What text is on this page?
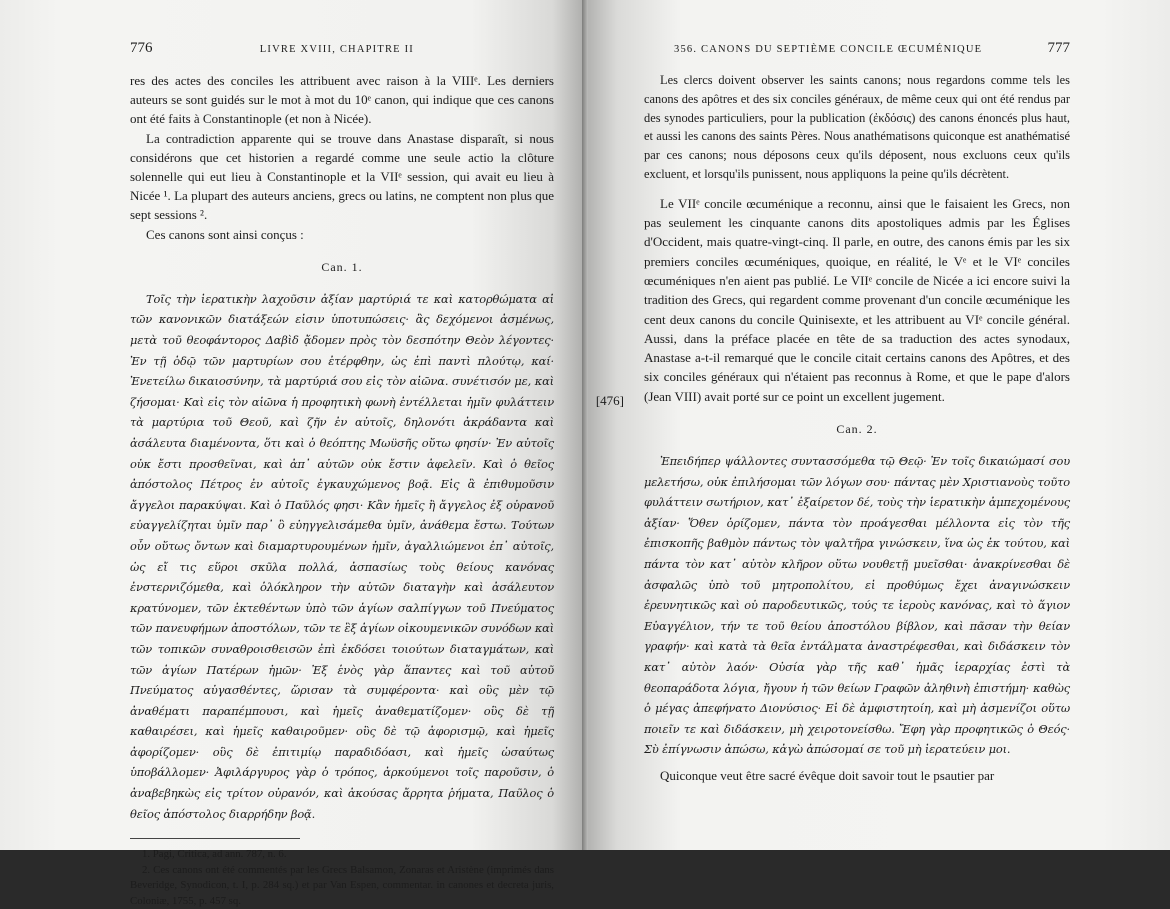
776	LIVRE XVIII, CHAPITRE II

res des actes des conciles les attribuent avec raison à la VIIIᵉ. Les derniers auteurs se sont guidés sur le mot à mot du 10ᵉ canon, qui indique que ces canons ont été faits à Constantinople (et non à Nicée).

La contradiction apparente qui se trouve dans Anastase disparaît, si nous considérons que cet historien a regardé comme une seule actio la clôture solennelle qui eut lieu à Constantinople et la VIIᵉ session, qui avait eu lieu à Nicée ¹. La plupart des auteurs anciens, grecs ou latins, ne comptent non plus que sept sessions ².

Ces canons sont ainsi conçus :

Can. 1.

Τοῖς τὴν ἱερατικὴν λαχοῦσιν ἀξίαν μαρτύριά τε καὶ κατορθώματα αἱ τῶν κανονικῶν διατάξεών εἰσιν ὑποτυπώσεις· ἃς δεχόμενοι ἀσμένως, μετὰ τοῦ θεοφάντορος Δαβὶδ ᾄδομεν πρὸς τὸν δεσπότην Θεὸν λέγοντες· Ἐν τῇ ὁδῷ τῶν μαρτυρίων σου ἐτέρφθην, ὡς ἐπὶ παντὶ πλούτῳ, καί· Ἐνετείλω δικαιοσύνην, τὰ μαρτύριά σου εἰς τὸν αἰῶνα. συνέτισόν με, καὶ ζήσομαι· Καὶ εἰς τὸν αἰῶνα ἡ προφητικὴ φωνὴ ἐντέλλεται ἡμῖν φυλάττειν τὰ μαρτύρια τοῦ Θεοῦ, καὶ ζῆν ἐν αὐτοῖς, δηλονότι ἀκράδαντα καὶ ἀσάλευτα διαμένοντα, ὅτι καὶ ὁ θεόπτης Μωϋσῆς οὕτω φησίν· Ἐν αὐτοῖς οὐκ ἔστι προσθεῖναι, καὶ ἀπ᾿ αὐτῶν οὐκ ἔστιν ἀφελεῖν. Καὶ ὁ θεῖος ἀπόστολος Πέτρος ἐν αὐτοῖς ἐγκαυχώμενος βοᾷ. Εἰς ἃ ἐπιθυμοῦσιν ἄγγελοι παρακύψαι. Καὶ ὁ Παῦλός φησι· Κἂν ἡμεῖς ἢ ἄγγελος ἐξ οὐρανοῦ εὐαγγελίζηται ὑμῖν παρ᾿ ὃ εὐηγγελισάμεθα ὑμῖν, ἀνάθεμα ἔστω. Τούτων οὖν οὕτως ὄντων καὶ διαμαρτυρουμένων ἡμῖν, ἀγαλλιώμενοι ἐπ᾿ αὐτοῖς, ὡς εἴ τις εὕροι σκῦλα πολλά, ἀσπασίως τοὺς θείους κανόνας ἐνστερνιζόμεθα, καὶ ὁλόκληρον τὴν αὐτῶν διαταγὴν καὶ ἀσάλευτον κρατύνομεν, τῶν ἐκτεθέντων ὑπὸ τῶν ἁγίων σαλπίγγων τοῦ Πνεύματος τῶν πανευφήμων ἀποστόλων, τῶν τε ἓξ ἁγίων οἰκουμενικῶν συνόδων καὶ τῶν τοπικῶν συναθροισθεισῶν ἐπὶ ἐκδόσει τοιούτων διαταγμάτων, καὶ τῶν ἁγίων Πατέρων ἡμῶν· Ἐξ ἑνὸς γὰρ ἅπαντες καὶ τοῦ αὐτοῦ Πνεύματος αὐγασθέντες, ὥρισαν τὰ συμφέροντα· καὶ οὓς μὲν τῷ ἀναθέματι παραπέμπουσι, καὶ ἡμεῖς ἀναθεματίζομεν· οὓς δὲ τῇ καθαιρέσει, καὶ ἡμεῖς καθαιροῦμεν· οὓς δὲ τῷ ἀφορισμῷ, καὶ ἡμεῖς ἀφορίζομεν· οὓς δὲ ἐπιτιμίῳ παραδιδόασι, καὶ ἡμεῖς ὡσαύτως ὑποβάλλομεν· Ἀφιλάργυρος γὰρ ὁ τρόπος, ἀρκούμενοι τοῖς παροῦσιν, ὁ ἀναβεβηκὼς εἰς τρίτον οὐρανόν, καὶ ἀκούσας ἄρρητα ῥήματα, Παῦλος ὁ θεῖος ἀπόστολος διαρρήδην βοᾷ.

1. Pagi, Critica, ad ann. 787, n. 6.

2. Ces canons ont été commentés par les Grecs Balsamon, Zonaras et Aristène (imprimés dans Beveridge, Synodicon, t. I, p. 284 sq.) et par Van Espen, commentar. in canones et decreta juris, Coloniæ, 1755, p. 457 sq.

356. CANONS DU SEPTIÈME CONCILE ŒCUMÉNIQUE	777

Les clercs doivent observer les saints canons; nous regardons comme tels les canons des apôtres et des six conciles généraux, de même ceux qui ont été rendus par des synodes particuliers, pour la publication (ἐκδόσις) des canons énoncés plus haut, et aussi les canons des saints Pères. Nous anathématisons quiconque est anathématisé par ces canons; nous déposons ceux qu'ils déposent, nous excluons ceux qu'ils excluent, et lorsqu'ils punissent, nous appliquons la peine qu'ils décrètent.

Le VIIᵉ concile œcuménique a reconnu, ainsi que le faisaient les Grecs, non pas seulement les cinquante canons dits apostoliques admis par les Églises d'Occident, mais quatre-vingt-cinq. Il parle, en outre, des canons émis par les six premiers conciles œcuméniques, quoique, en réalité, le Vᵉ et le VIᵉ conciles œcuméniques n'en aient pas publié. Le VIIᵉ concile de Nicée a ici encore suivi la tradition des Grecs, qui regardent comme provenant d'un concile œcuménique les cent deux canons du concile Quinisexte, et les attribuent au VIᵉ concile général. Aussi, dans la préface placée en tête de sa traduction des actes synodaux, Anastase a-t-il remarqué que le concile citait certains canons des Apôtres, et des six conciles généraux qui n'étaient pas reconnus à Rome, et que le pape d'alors (Jean VIII) avait porté sur ce point un excellent jugement.

Can. 2.

Ἐπειδήπερ ψάλλοντες συντασσόμεθα τῷ Θεῷ· Ἐν τοῖς δικαιώμασί σου μελετήσω, οὐκ ἐπιλήσομαι τῶν λόγων σου· πάντας μὲν Χριστιανοὺς τοῦτο φυλάττειν σωτήριον, κατ᾿ ἐξαίρετον δέ, τοὺς τὴν ἱερατικὴν ἀμπεχομένους ἀξίαν· Ὅθεν ὁρίζομεν, πάντα τὸν προάγεσθαι μέλλοντα εἰς τὸν τῆς ἐπισκοπῆς βαθμὸν πάντως τὸν ψαλτῆρα γινώσκειν, ἵνα ὡς ἐκ τούτου, καὶ πάντα τὸν κατ᾿ αὐτὸν κλῆρον οὕτω νουθετῇ μυεῖσθαι· ἀνακρίνεσθαι δὲ ἀσφαλῶς ὑπὸ τοῦ μητροπολίτου, εἰ προθύμως ἔχει ἀναγινώσκειν ἐρευνητικῶς καὶ οὐ παροδευτικῶς, τούς τε ἱεροὺς κανόνας, καὶ τὸ ἅγιον Εὐαγγέλιον, τήν τε τοῦ θείου ἀποστόλου βίβλον, καὶ πᾶσαν τὴν θείαν γραφήν· καὶ κατὰ τὰ θεῖα ἐντάλματα ἀναστρέφεσθαι, καὶ διδάσκειν τὸν κατ᾿ αὐτὸν λαόν· Οὐσία γὰρ τῆς καθ᾿ ἡμᾶς ἱεραρχίας ἐστὶ τὰ θεοπαράδοτα λόγια, ἤγουν ἡ τῶν θείων Γραφῶν ἀληθινὴ ἐπιστήμη· καθὼς ὁ μέγας ἀπεφήνατο Διονύσιος· Εἰ δὲ ἀμφιστητοίη, καὶ μὴ ἀσμενίζοι οὕτω ποιεῖν τε καὶ διδάσκειν, μὴ χειροτονείσθω. Ἔφη γὰρ προφητικῶς ὁ Θεός· Σὺ ἐπίγνωσιν ἀπώσω, κἀγὼ ἀπώσομαί σε τοῦ μὴ ἱερατεύειν μοι.

Quiconque veut être sacré évêque doit savoir tout le psautier par

[476]
